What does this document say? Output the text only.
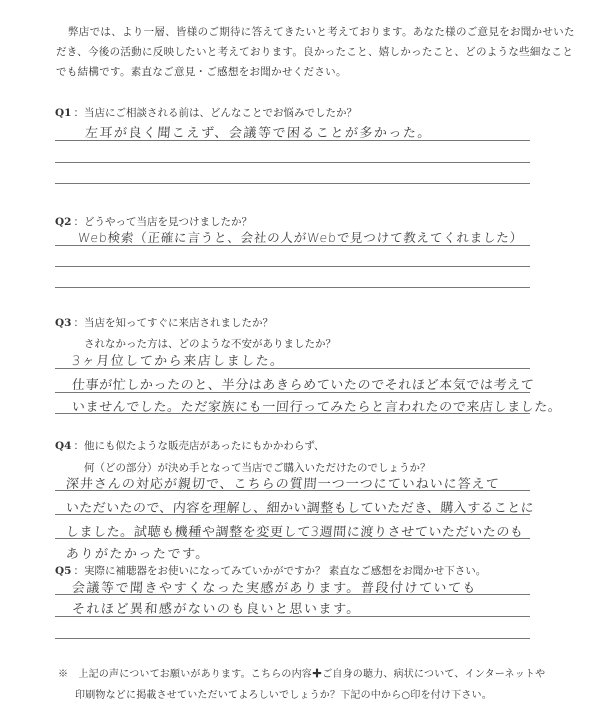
弊店では、より一層、皆様のご期待に答えてきたいと考えております。あなた様のご意見をお聞かせいた
だき、今後の活動に反映したいと考えております。良かったこと、嬉しかったこと、どのような些細なこと
でも結構です。素直なご意見・ご感想をお聞かせください。
Q1 ：当店にご相談される前は、どんなことでお悩みでしたか？
左耳が良く聞こえず、会議等で困ることが多かった。
Q2 ：どうやって当店を見つけましたか？
Web検索（正確に言うと、会社の人がWebで見つけて教えてくれました）
Q3 ：当店を知ってすぐに来店されましたか？
されなかった方は、どのような不安がありましたか？
3ヶ月位してから来店しました。
仕事が忙しかったのと、半分はあきらめていたのでそれほど本気では考えて
いませんでした。ただ家族にも一回行ってみたらと言われたので来店しました。
Q4 ：他にも似たような販売店があったにもかかわらず、
何（どの部分）が決め手となって当店でご購入いただけたのでしょうか？
深井さんの対応が親切で、こちらの質問一つ一つにていねいに答えて
いただいたので、内容を理解し、細かい調整もしていただき、購入することに
しました。試聴も機種や調整を変更して3週間に渡りさせていただいたのも
ありがたかったです。
Q5 ：実際に補聴器をお使いになってみていかがですか？ 素直なご感想をお聞かせ下さい。
会議等で聞きやすくなった実感があります。普段付けていても
それほど異和感がないのも良いと思います。
※　上記の声についてお願いがあります。こちらの内容✚ご自身の聴力、病状について、インターネットや
印刷物などに掲載させていただいてよろしいでしょうか？下記の中から○印を付け下さい。
